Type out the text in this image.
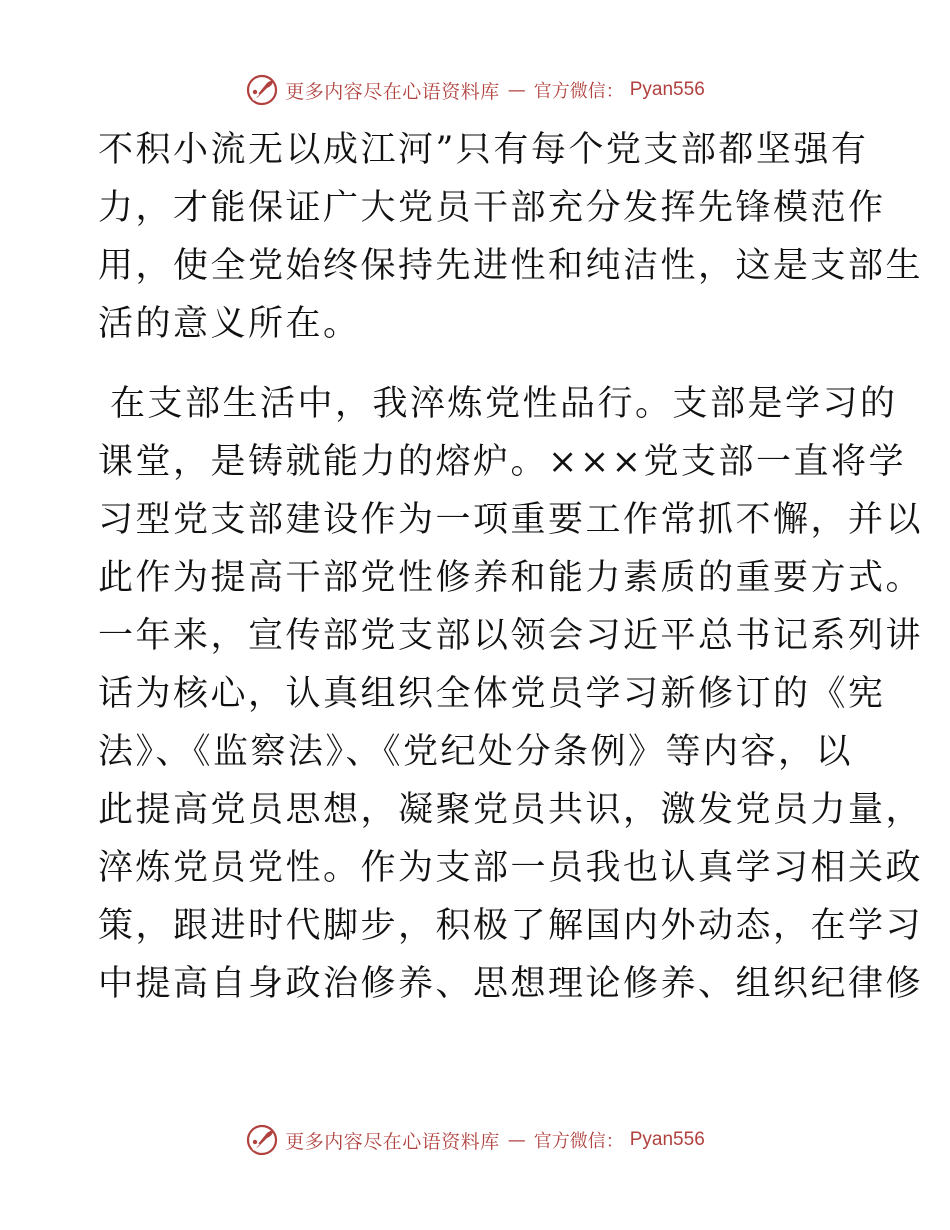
更多内容尽在心语资料库 — 官方微信： Pyan556
不积小流无以成江河”只有每个党支部都坚强有
力，才能保证广大党员干部充分发挥先锋模范作
用，使全党始终保持先进性和纯洁性，这是支部生
活的意义所在。
在支部生活中，我淬炼党性品行。支部是学习的
课堂，是铸就能力的熔炉。×××党支部一直将学
习型党支部建设作为一项重要工作常抓不懈，并以
此作为提高干部党性修养和能力素质的重要方式。
一年来，宣传部党支部以领会习近平总书记系列讲
话为核心，认真组织全体党员学习新修订的《宪
法》、《监察法》、《党纪处分条例》等内容，以
此提高党员思想，凝聚党员共识，激发党员力量，
淬炼党员党性。作为支部一员我也认真学习相关政
策，跟进时代脚步，积极了解国内外动态，在学习
中提高自身政治修养、思想理论修养、组织纪律修
更多内容尽在心语资料库 — 官方微信： Pyan556
